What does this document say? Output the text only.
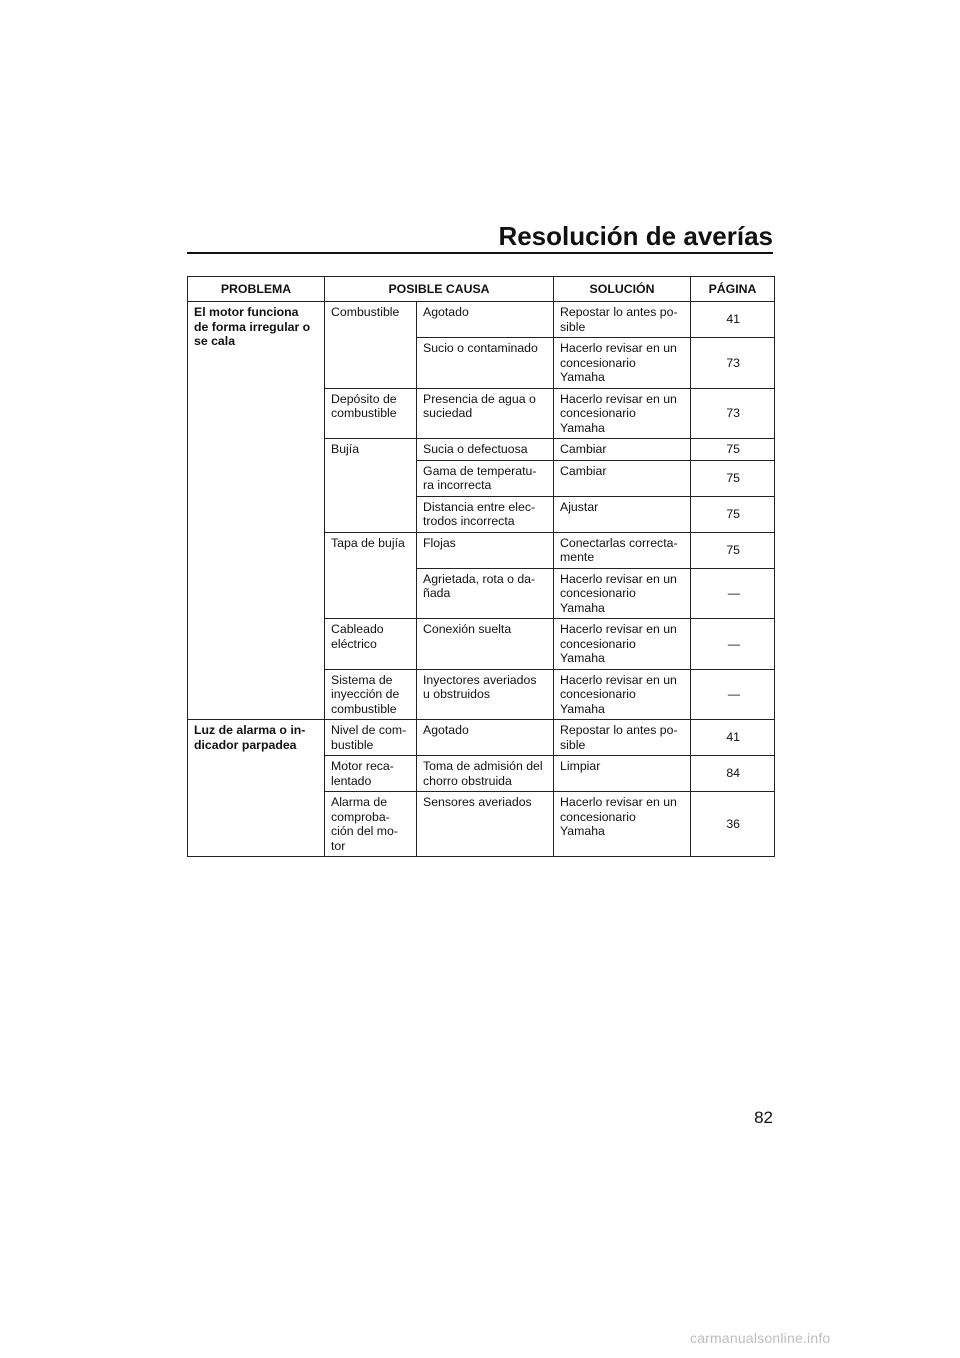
Resolución de averías
PROBLEMA	POSIBLE CAUSA		SOLUCIÓN	PÁGINA
El motor funciona
de forma irregular o
se cala	Combustible	Agotado	Repostar lo antes po-
sible	41
		Sucio o contaminado	Hacerlo revisar en un
concesionario
Yamaha	73
	Depósito de
combustible	Presencia de agua o
suciedad	Hacerlo revisar en un
concesionario
Yamaha	73
	Bujía	Sucia o defectuosa	Cambiar	75
		Gama de temperatu-
ra incorrecta	Cambiar	75
		Distancia entre elec-
trodos incorrecta	Ajustar	75
	Tapa de bujía	Flojas	Conectarlas correcta-
mente	75
		Agrietada, rota o da-
ñada	Hacerlo revisar en un
concesionario
Yamaha	—
	Cableado
eléctrico	Conexión suelta	Hacerlo revisar en un
concesionario
Yamaha	—
	Sistema de
inyección de
combustible	Inyectores averiados
u obstruidos	Hacerlo revisar en un
concesionario
Yamaha	—
Luz de alarma o in-
dicador parpadea	Nivel de com-
bustible	Agotado	Repostar lo antes po-
sible	41
	Motor reca-
lentado	Toma de admisión del
chorro obstruida	Limpiar	84
	Alarma de
comproba-
ción del mo-
tor	Sensores averiados	Hacerlo revisar en un
concesionario
Yamaha	36

82

carmanualsonline.info
